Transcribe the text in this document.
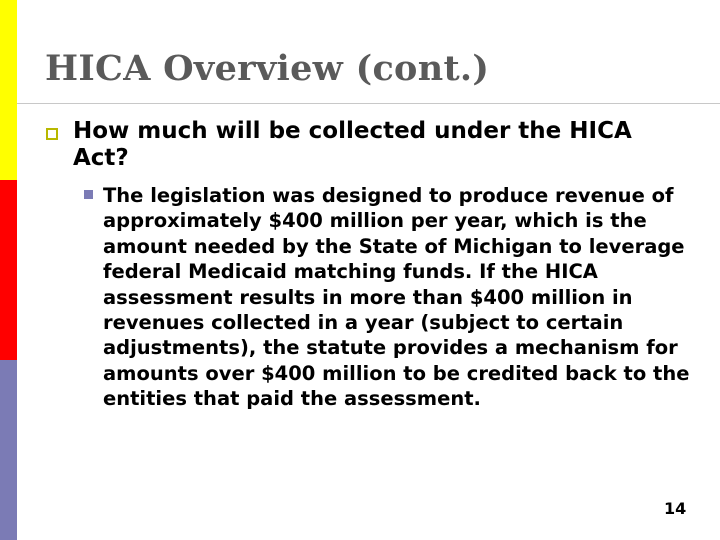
HICA Overview (cont.)
How much will be collected under the HICA Act?
The legislation was designed to produce revenue of approximately $400 million per year, which is the amount needed by the State of Michigan to leverage federal Medicaid matching funds. If the HICA assessment results in more than $400 million in revenues collected in a year (subject to certain adjustments), the statute provides a mechanism for amounts over $400 million to be credited back to the entities that paid the assessment.
14
